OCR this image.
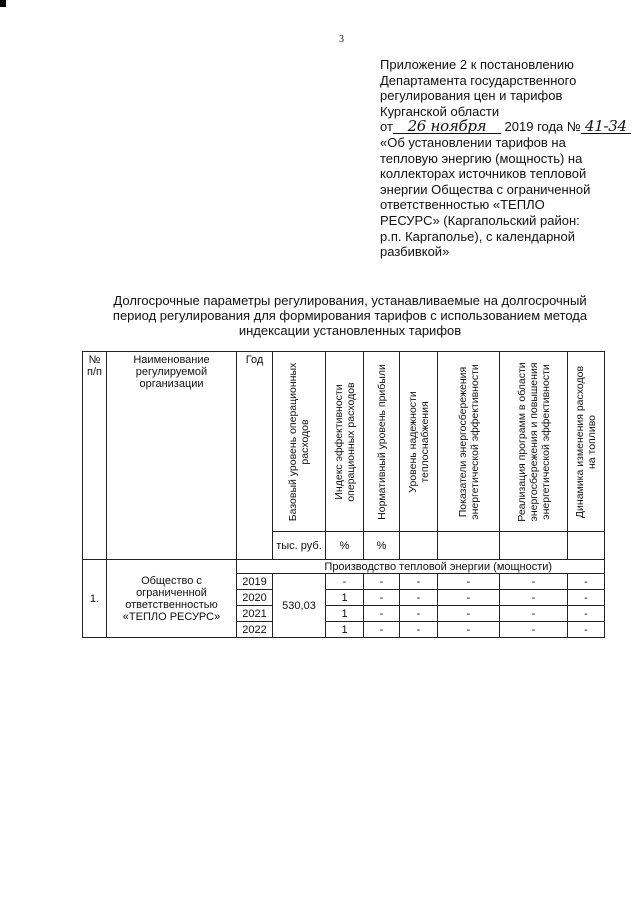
3
Приложение 2 к постановлению
Департамента государственного
регулирования цен и тарифов
Курганской области
от 26 ноября 2019 года № 41-34
«Об установлении тарифов на
тепловую энергию (мощность) на
коллекторах источников тепловой
энергии Общества с ограниченной
ответственностью «ТЕПЛО
РЕСУРС» (Каргапольский район:
р.п. Каргаполье), с календарной
разбивкой»
Долгосрочные параметры регулирования, устанавливаемые на долгосрочный
период регулирования для формирования тарифов с использованием метода
индексации установленных тарифов
№ п/п	Наименование регулируемой организации	Год	Базовый уровень операционных расходов	Индекс эффективности операционных расходов	Нормативный уровень прибыли	Уровень надежности теплоснабжения	Показатели энергосбережения энергетической эффективности	Реализация программ в области энергосбережения и повышения энергетической эффективности	Динамика изменения расходов на топливо

			тыс. руб.	%	%				
1.	Общество с ограниченной ответственностью «ТЕПЛО РЕСУРС»		Производство тепловой энергии (мощности)						
		2019	530,03	-	-	-	-	-	-
		2020		1	-	-	-	-	-
		2021		1	-	-	-	-	-
		2022		1	-	-	-	-	-
